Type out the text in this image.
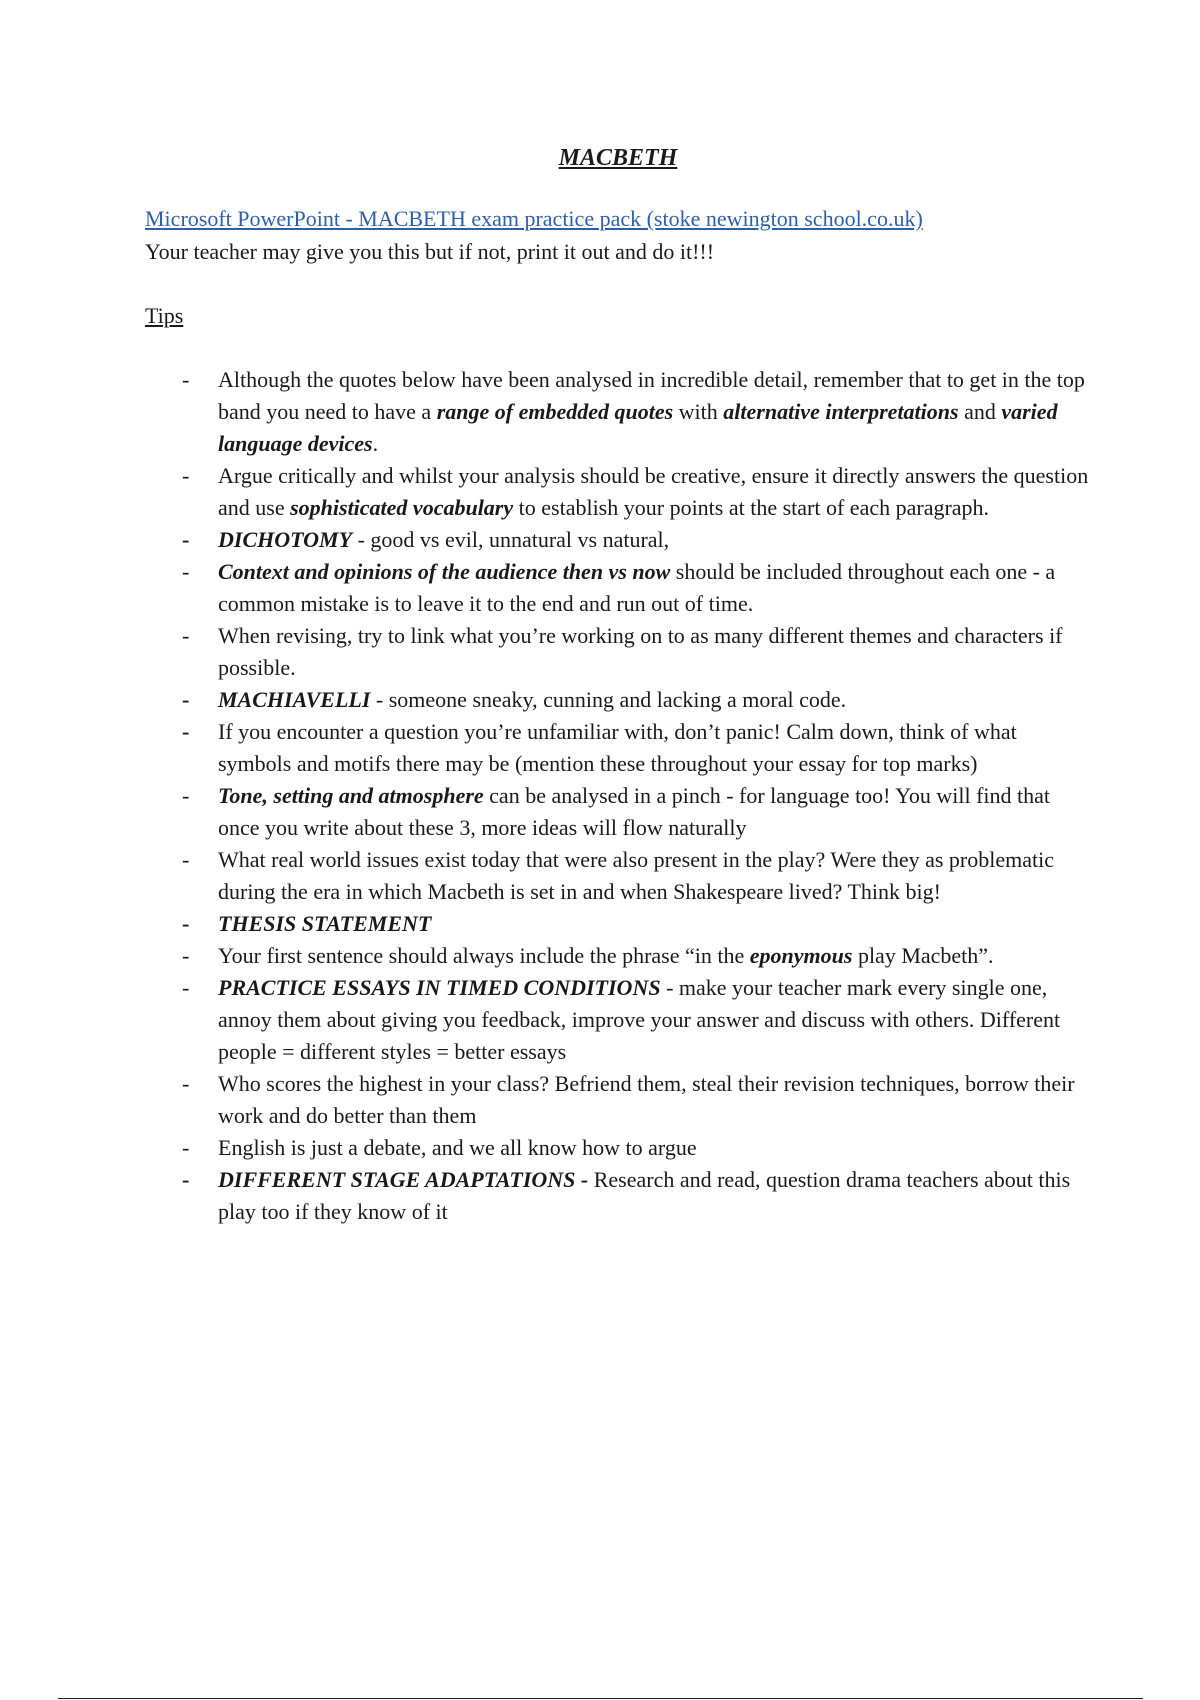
MACBETH
Microsoft PowerPoint - MACBETH exam practice pack (stoke newington school.co.uk)
Your teacher may give you this but if not, print it out and do it!!!
Tips
- Although the quotes below have been analysed in incredible detail, remember that to get in the top band you need to have a range of embedded quotes with alternative interpretations and varied language devices.
- Argue critically and whilst your analysis should be creative, ensure it directly answers the question and use sophisticated vocabulary to establish your points at the start of each paragraph.
- DICHOTOMY - good vs evil, unnatural vs natural,
- Context and opinions of the audience then vs now should be included throughout each one - a common mistake is to leave it to the end and run out of time.
- When revising, try to link what you’re working on to as many different themes and characters if possible.
- MACHIAVELLI - someone sneaky, cunning and lacking a moral code.
- If you encounter a question you’re unfamiliar with, don’t panic! Calm down, think of what symbols and motifs there may be (mention these throughout your essay for top marks)
- Tone, setting and atmosphere can be analysed in a pinch - for language too! You will find that once you write about these 3, more ideas will flow naturally
- What real world issues exist today that were also present in the play? Were they as problematic during the era in which Macbeth is set in and when Shakespeare lived? Think big!
- THESIS STATEMENT
- Your first sentence should always include the phrase “in the eponymous play Macbeth”.
- PRACTICE ESSAYS IN TIMED CONDITIONS - make your teacher mark every single one, annoy them about giving you feedback, improve your answer and discuss with others. Different people = different styles = better essays
- Who scores the highest in your class? Befriend them, steal their revision techniques, borrow their work and do better than them
- English is just a debate, and we all know how to argue
- DIFFERENT STAGE ADAPTATIONS - Research and read, question drama teachers about this play too if they know of it
